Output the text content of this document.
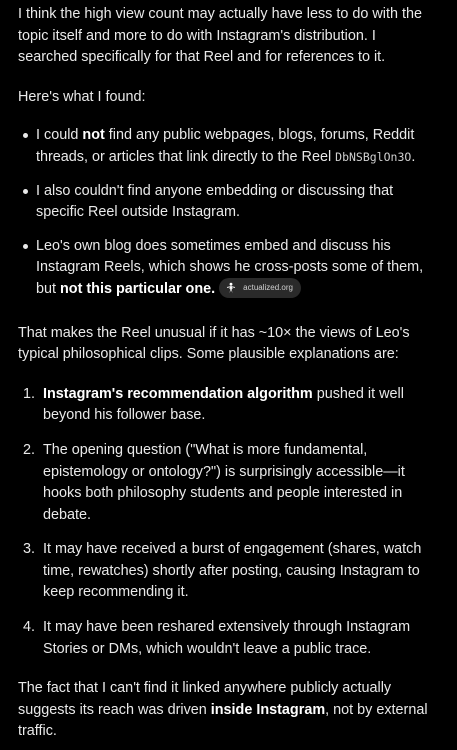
I think the high view count may actually have less to do with the topic itself and more to do with Instagram's distribution. I searched specifically for that Reel and for references to it.

Here's what I found:

I could not find any public webpages, blogs, forums, Reddit threads, or articles that link directly to the Reel DbNSBglOn3O.
I also couldn't find anyone embedding or discussing that specific Reel outside Instagram.
Leo's own blog does sometimes embed and discuss his Instagram Reels, which shows he cross-posts some of them, but not this particular one.	actualized.org

That makes the Reel unusual if it has ~10× the views of Leo's typical philosophical clips. Some plausible explanations are:

1. Instagram's recommendation algorithm pushed it well beyond his follower base.
2. The opening question ("What is more fundamental, epistemology or ontology?") is surprisingly accessible—it hooks both philosophy students and people interested in debate.
3. It may have received a burst of engagement (shares, watch time, rewatches) shortly after posting, causing Instagram to keep recommending it.
4. It may have been reshared extensively through Instagram Stories or DMs, which wouldn't leave a public trace.

The fact that I can't find it linked anywhere publicly actually suggests its reach was driven inside Instagram, not by external traffic.
